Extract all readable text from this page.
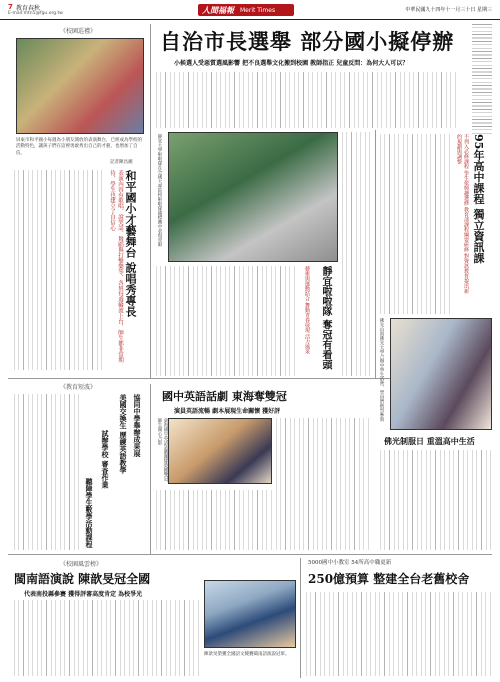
7 教育春秋
E-mail:mtn5@fgu.org.tw	人間福報 Merit Times	中華民國九十四年十一月三十日 星期三
《校園巡禮》
屏東市和平國小每週為小朋友開放的表演舞台，已經成為學校的活動特色，讓孩子們在這裡勇敢秀出自己的才藝，也增加了自信。
記者陳昌湘
和平國小才藝舞台 說唱秀專長
表演內容有歌唱、說笑話、舞蹈與打擊樂等，各班每週輪流上台，師生都非常期待，學生也建立了自信心
自治市長選舉 部分國小擬停辦
小候選人受惡質選風影響 把不良選舉文化搬到校園 教師指正 兒童反問：為何大人可以？
靜宜大學啦啦隊在全國大專院校啦啦隊錦標賽中表現亮眼
靜宜啦啦隊 奪冠有看頭
藝術與運動結合 舞動青春展現 活力風采
95年高中課程 獨立資訊課
不列入必修課程 學生依興趣選修 教育部課程綱要研修 對資訊教育提出新的規劃與調整
佛光山與佛光大學合辦中學生活營，學員們熱烈參與
佛光制服日 重溫高中生活
《教育短波》
協同中學舉辦成果展
美國交換生 歷練英語教學
試辦學校 審查作業
聽障學生數學活動課程
國中英語話劇 東海奪雙冠
演員英語流暢 劇本展現生命關懷 獲好評
東海國中英語話劇團隊榮獲雙冠，師生開心合影
《校園風雲榜》
閩南語演說 陳歆旻冠全國
代表南投縣參賽 獲得評審高度肯定 為校爭光
陳歆旻榮獲全國語文競賽閩南語演說冠軍。
5000國中小教室 54所高中職更新
250億預算 整建全台老舊校舍
